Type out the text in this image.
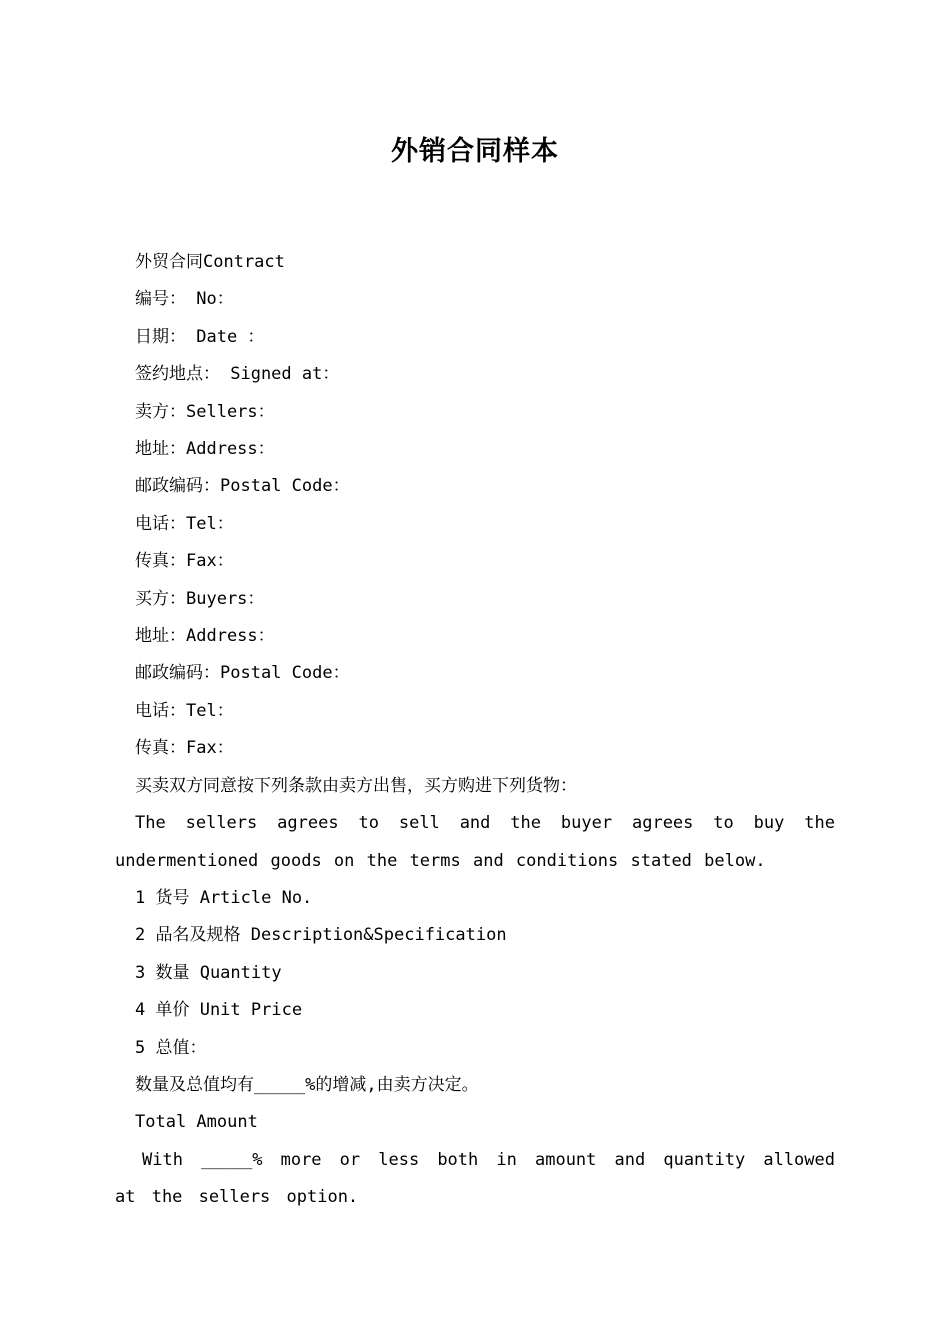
外销合同样本
外贸合同Contract
编号： No：
日期： Date ：
签约地点： Signed at：
卖方：Sellers：
地址：Address：
邮政编码：Postal Code：
电话：Tel：
传真：Fax：
买方：Buyers：
地址：Address：
邮政编码：Postal Code：
电话：Tel：
传真：Fax：
买卖双方同意按下列条款由卖方出售，买方购进下列货物：
The sellers agrees to sell and the buyer agrees to buy the undermentioned goods on the terms and conditions stated below.
1 货号 Article No.
2 品名及规格 Description&Specification
3 数量 Quantity
4 单价 Unit Price
5 总值：
数量及总值均有_____%的增减,由卖方决定。
Total Amount
With _____% more or less both in amount and quantity allowed at the sellers option.
